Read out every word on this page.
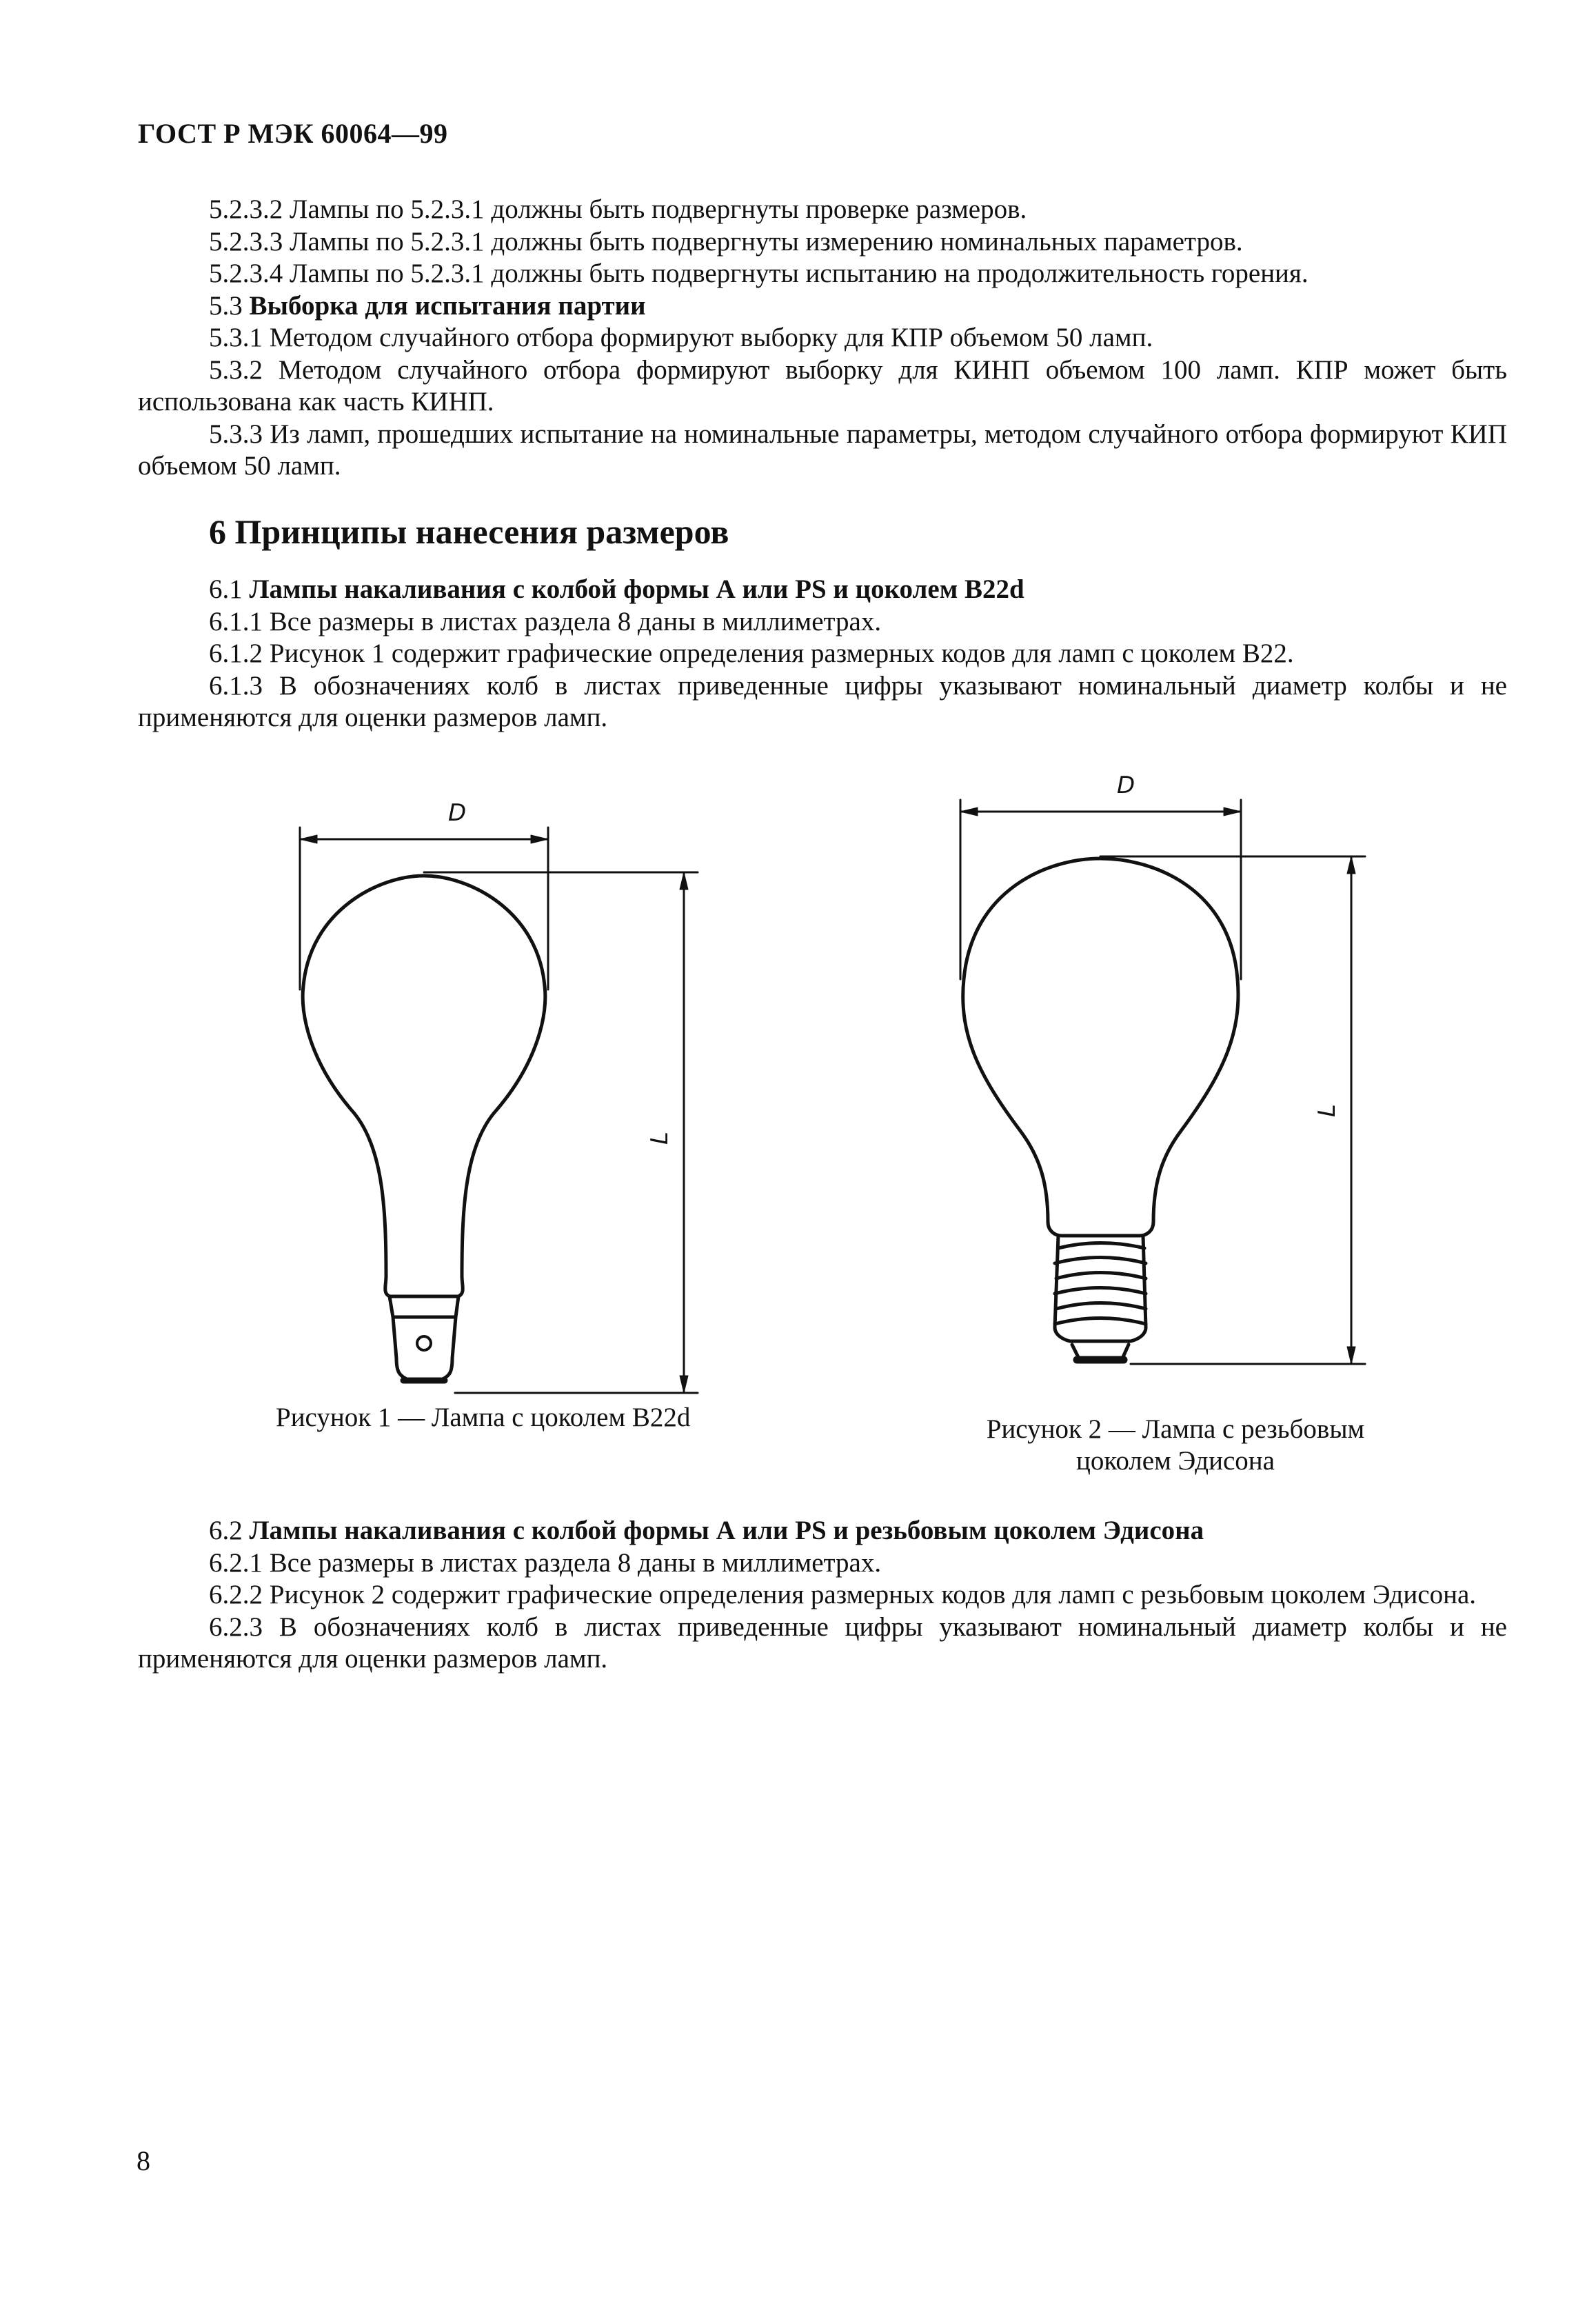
ГОСТ Р МЭК 60064—99

5.2.3.2 Лампы по 5.2.3.1 должны быть подвергнуты проверке размеров.

5.2.3.3 Лампы по 5.2.3.1 должны быть подвергнуты измерению номинальных параметров.

5.2.3.4 Лампы по 5.2.3.1 должны быть подвергнуты испытанию на продолжительность горения.

5.3 Выборка для испытания партии

5.3.1 Методом случайного отбора формируют выборку для КПР объемом 50 ламп.

5.3.2 Методом случайного отбора формируют выборку для КИНП объемом 100 ламп. КПР может быть использована как часть КИНП.

5.3.3 Из ламп, прошедших испытание на номинальные параметры, методом случайного отбора формируют КИП объемом 50 ламп.

6 Принципы нанесения размеров

6.1 Лампы накаливания с колбой формы А или PS и цоколем B22d

6.1.1 Все размеры в листах раздела 8 даны в миллиметрах.

6.1.2 Рисунок 1 содержит графические определения размерных кодов для ламп с цоколем B22.

6.1.3 В обозначениях колб в листах приведенные цифры указывают номинальный диаметр колбы и не применяются для оценки размеров ламп.

D
L
Рисунок 1 — Лампа с цоколем B22d
D
L
Рисунок 2 — Лампа с резьбовым
цоколем Эдисона

6.2 Лампы накаливания с колбой формы А или PS и резьбовым цоколем Эдисона

6.2.1 Все размеры в листах раздела 8 даны в миллиметрах.

6.2.2 Рисунок 2 содержит графические определения размерных кодов для ламп с резьбовым цоколем Эдисона.

6.2.3 В обозначениях колб в листах приведенные цифры указывают номинальный диаметр колбы и не применяются для оценки размеров ламп.

8
